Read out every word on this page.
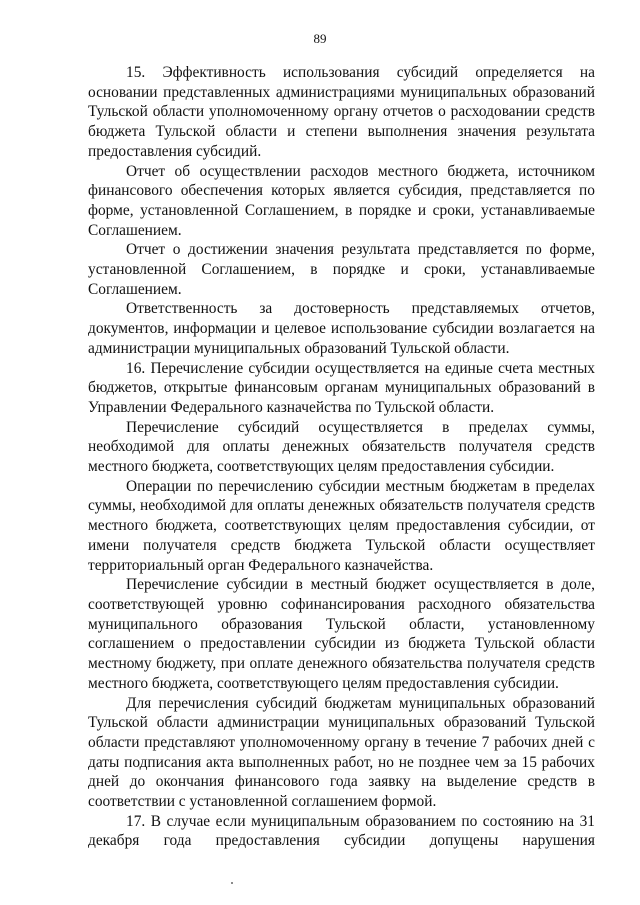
89

15. Эффективность использования субсидий определяется на основании представленных администрациями муниципальных образований Тульской области уполномоченному органу отчетов о расходовании средств бюджета Тульской области и степени выполнения значения результата предоставления субсидий.

Отчет об осуществлении расходов местного бюджета, источником финансового обеспечения которых является субсидия, представляется по форме, установленной Соглашением, в порядке и сроки, устанавливаемые Соглашением.

Отчет о достижении значения результата представляется по форме, установленной Соглашением, в порядке и сроки, устанавливаемые Соглашением.

Ответственность за достоверность представляемых отчетов, документов, информации и целевое использование субсидии возлагается на администрации муниципальных образований Тульской области.

16. Перечисление субсидии осуществляется на единые счета местных бюджетов, открытые финансовым органам муниципальных образований в Управлении Федерального казначейства по Тульской области.

Перечисление субсидий осуществляется в пределах суммы, необходимой для оплаты денежных обязательств получателя средств местного бюджета, соответствующих целям предоставления субсидии.

Операции по перечислению субсидии местным бюджетам в пределах суммы, необходимой для оплаты денежных обязательств получателя средств местного бюджета, соответствующих целям предоставления субсидии, от имени получателя средств бюджета Тульской области осуществляет территориальный орган Федерального казначейства.

Перечисление субсидии в местный бюджет осуществляется в доле, соответствующей уровню софинансирования расходного обязательства муниципального образования Тульской области, установленному соглашением о предоставлении субсидии из бюджета Тульской области местному бюджету, при оплате денежного обязательства получателя средств местного бюджета, соответствующего целям предоставления субсидии.

Для перечисления субсидий бюджетам муниципальных образований Тульской области администрации муниципальных образований Тульской области представляют уполномоченному органу в течение 7 рабочих дней с даты подписания акта выполненных работ, но не позднее чем за 15 рабочих дней до окончания финансового года заявку на выделение средств в соответствии с установленной соглашением формой.

17. В случае если муниципальным образованием по состоянию на 31 декабря года предоставления субсидии допущены нарушения
